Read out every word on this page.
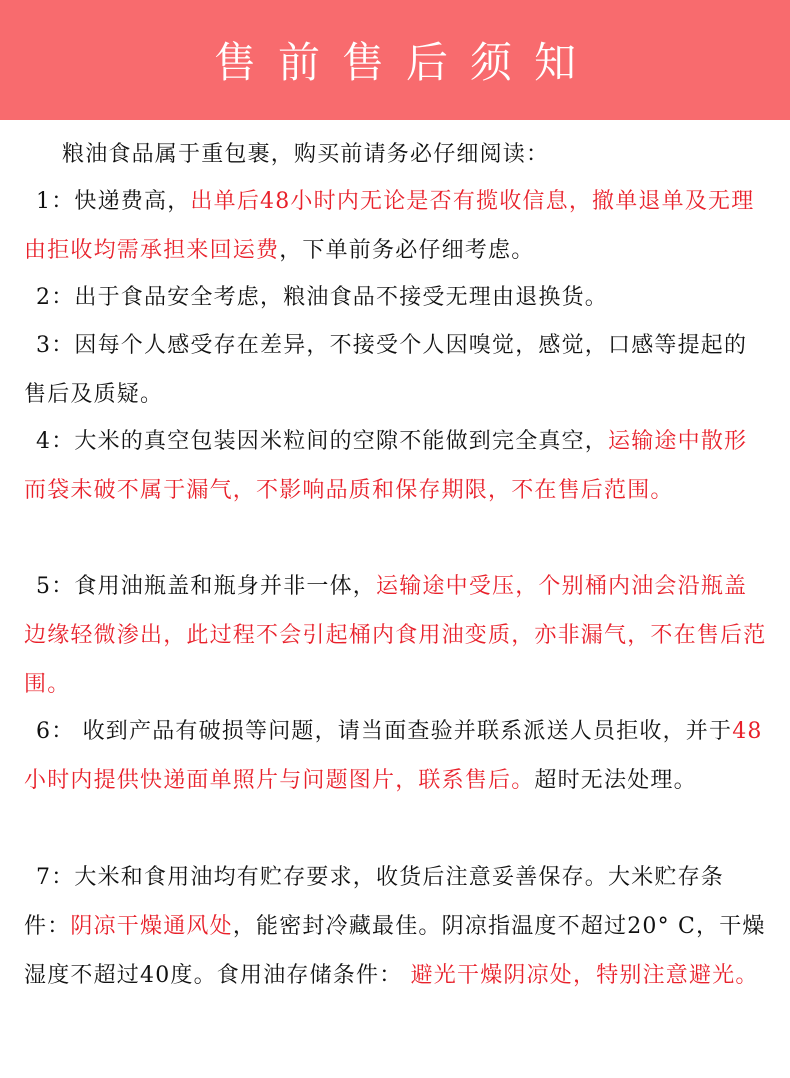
售前售后须知
粮油食品属于重包裹，购买前请务必仔细阅读：
1：快递费高，出单后48小时内无论是否有揽收信息，撤单退单及无理由拒收均需承担来回运费，下单前务必仔细考虑。
2：出于食品安全考虑，粮油食品不接受无理由退换货。
3：因每个人感受存在差异，不接受个人因嗅觉，感觉，口感等提起的售后及质疑。
4：大米的真空包装因米粒间的空隙不能做到完全真空，运输途中散形而袋未破不属于漏气，不影响品质和保存期限，不在售后范围。
5：食用油瓶盖和瓶身并非一体，运输途中受压，个别桶内油会沿瓶盖边缘轻微渗出，此过程不会引起桶内食用油变质，亦非漏气，不在售后范围。
6： 收到产品有破损等问题，请当面查验并联系派送人员拒收，并于48小时内提供快递面单照片与问题图片，联系售后。超时无法处理。
7：大米和食用油均有贮存要求，收货后注意妥善保存。大米贮存条件：阴凉干燥通风处，能密封冷藏最佳。阴凉指温度不超过20° C，干燥湿度不超过40度。食用油存储条件： 避光干燥阴凉处，特别注意避光。
